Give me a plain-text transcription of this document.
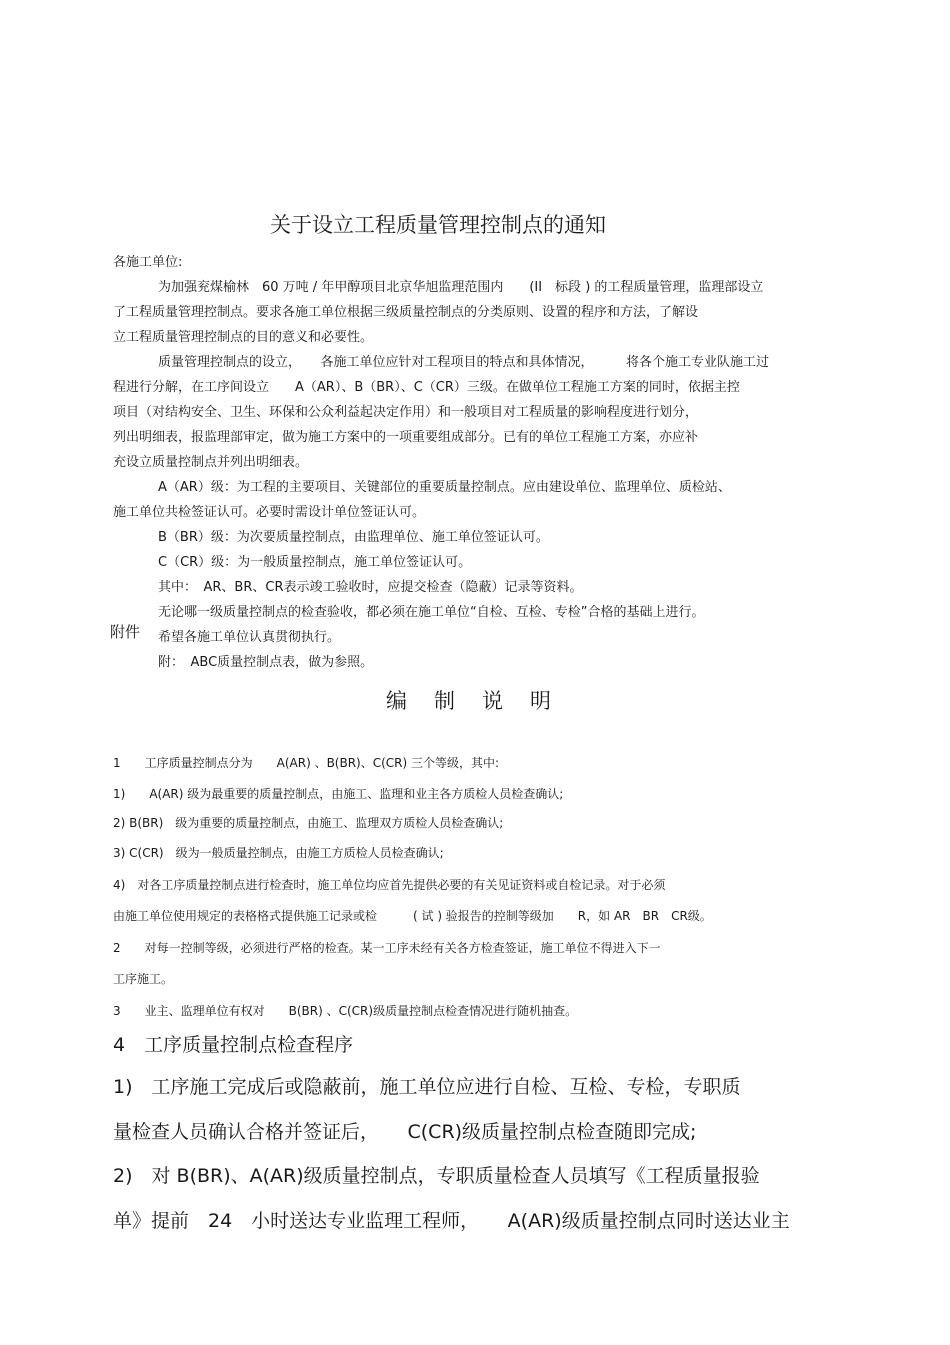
关于设立工程质量管理控制点的通知
各施工单位:
为加强兖煤榆林　60 万吨 / 年甲醇项目北京华旭监理范围内　　(II　标段 ) 的工程质量管理，监理部设立
了工程质量管理控制点。要求各施工单位根据三级质量控制点的分类原则、设置的程序和方法，了解设
立工程质量管理控制点的目的意义和必要性。
质量管理控制点的设立，　　各施工单位应针对工程项目的特点和具体情况，　　　将各个施工专业队施工过
程进行分解，在工序间设立　　A（AR）、B（BR）、C（CR）三级。在做单位工程施工方案的同时，依据主控
项目（对结构安全、卫生、环保和公众利益起决定作用）和一般项目对工程质量的影响程度进行划分，
列出明细表，报监理部审定，做为施工方案中的一项重要组成部分。已有的单位工程施工方案，亦应补
充设立质量控制点并列出明细表。
A（AR）级：为工程的主要项目、关键部位的重要质量控制点。应由建设单位、监理单位、质检站、
施工单位共检签证认可。必要时需设计单位签证认可。
B（BR）级：为次要质量控制点，由监理单位、施工单位签证认可。
C（CR）级：为一般质量控制点，施工单位签证认可。
其中：　AR、BR、CR表示竣工验收时，应提交检查（隐蔽）记录等资料。
无论哪一级质量控制点的检查验收，都必须在施工单位“自检、互检、专检”合格的基础上进行。
附件 希望各施工单位认真贯彻执行。
附：　ABC质量控制点表，做为参照。
编制说明
1　　工序质量控制点分为　　A(AR) 、B(BR)、C(CR) 三个等级，其中:
1)　　A(AR) 级为最重要的质量控制点，由施工、监理和业主各方质检人员检查确认;
2) B(BR)　级为重要的质量控制点，由施工、监理双方质检人员检查确认;
3) C(CR)　级为一般质量控制点，由施工方质检人员检查确认;
4)　对各工序质量控制点进行检查时，施工单位均应首先提供必要的有关见证资料或自检记录。对于必须
由施工单位使用规定的表格格式提供施工记录或检　　　( 试 ) 验报告的控制等级加　　R，如 AR　BR　CR级。
2　　对每一控制等级，必须进行严格的检查。某一工序未经有关各方检查签证，施工单位不得进入下一
工序施工。
3　　业主、监理单位有权对　　B(BR) 、C(CR)级质量控制点检查情况进行随机抽查。
4　工序质量控制点检查程序
1)　工序施工完成后或隐蔽前，施工单位应进行自检、互检、专检，专职质
量检查人员确认合格并签证后，　　C(CR)级质量控制点检查随即完成;
2)　对 B(BR)、A(AR)级质量控制点，专职质量检查人员填写《工程质量报验
单》提前　24　小时送达专业监理工程师，　　A(AR)级质量控制点同时送达业主
